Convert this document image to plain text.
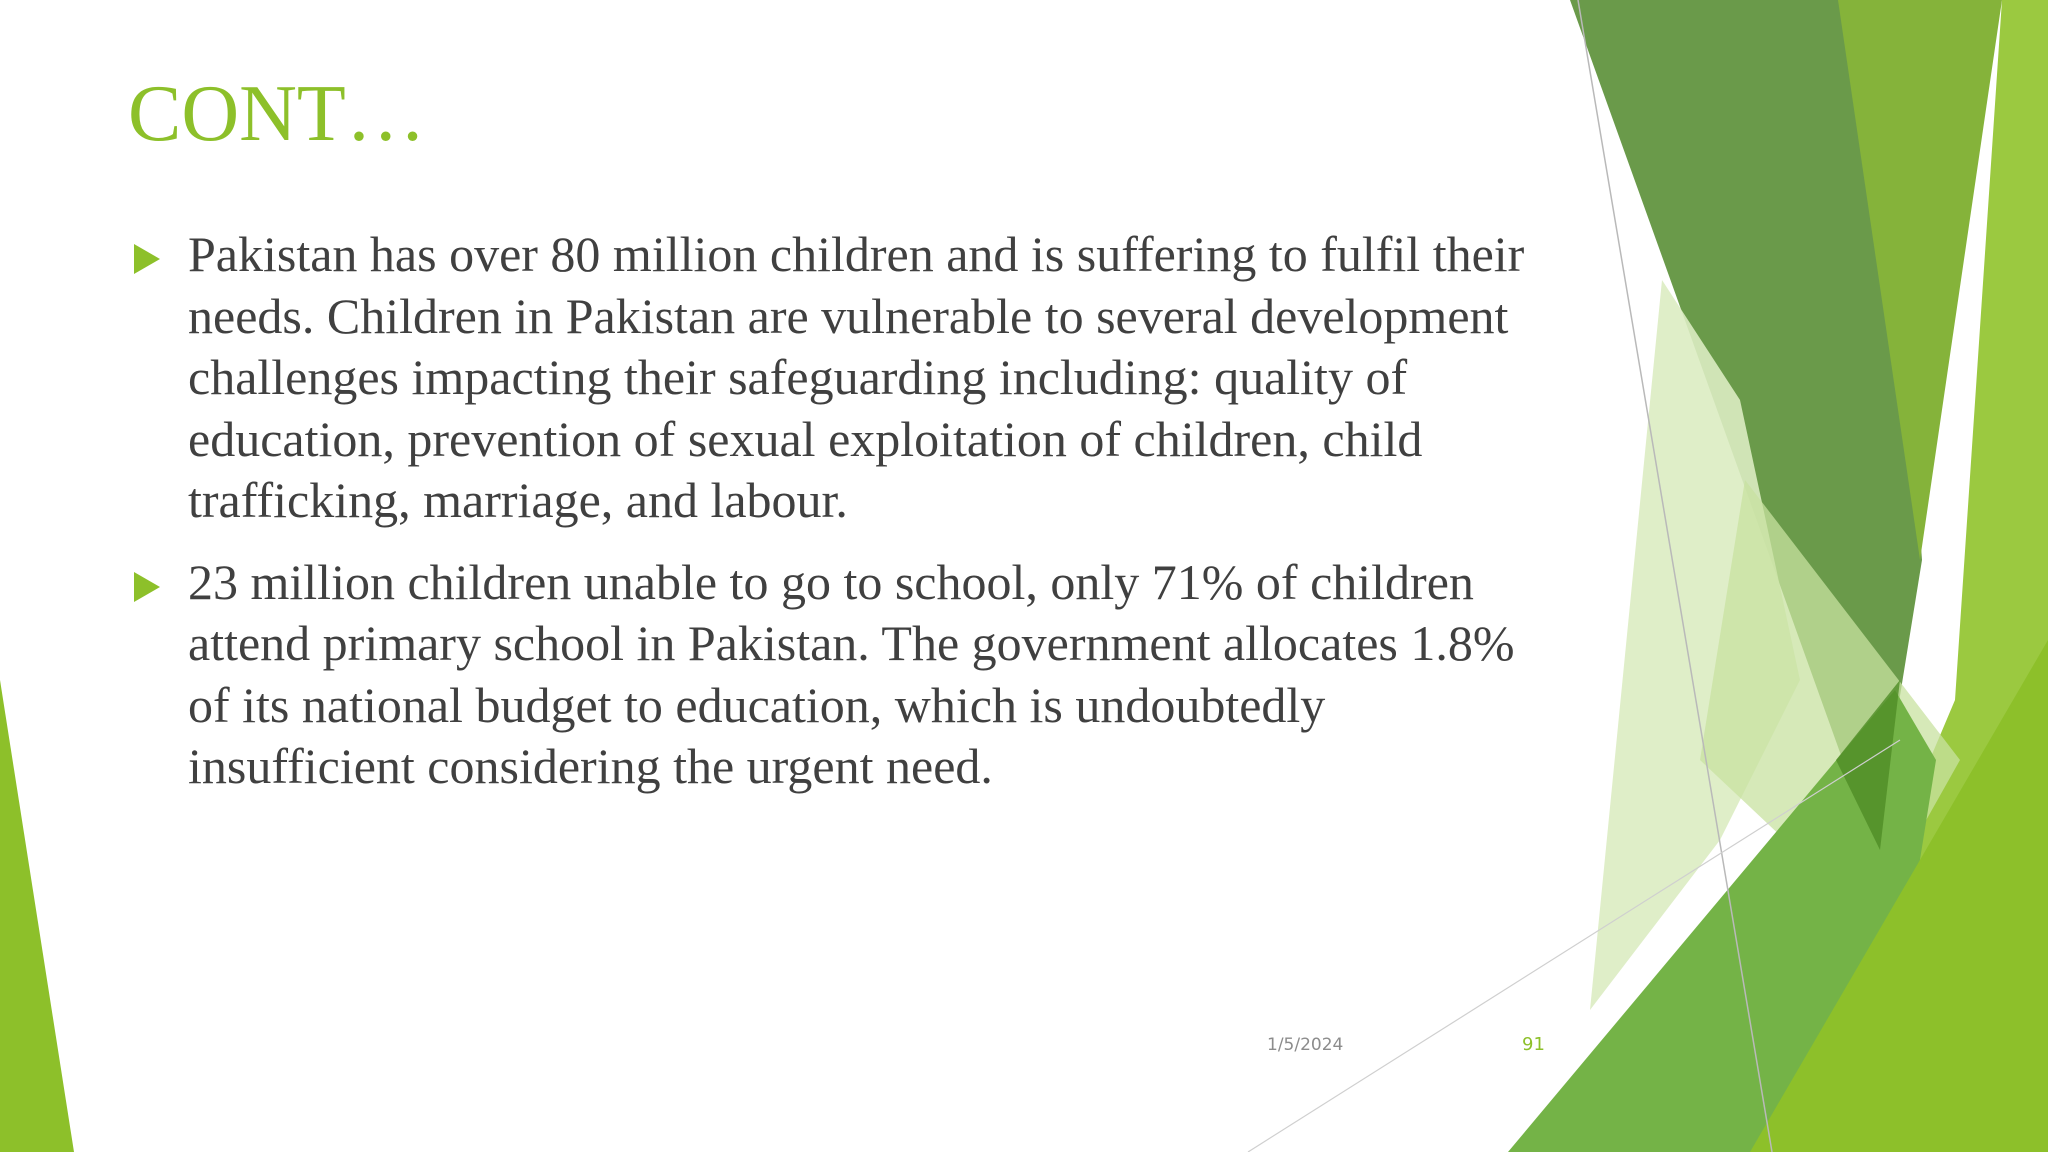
CONT…
Pakistan has over 80 million children and is suffering to fulfil their needs. Children in Pakistan are vulnerable to several development challenges impacting their safeguarding including: quality of education, prevention of sexual exploitation of children, child trafficking, marriage, and labour.
23 million children unable to go to school, only 71% of children attend primary school in Pakistan. The government allocates 1.8% of its national budget to education, which is undoubtedly insufficient considering the urgent need.
1/5/2024	91
